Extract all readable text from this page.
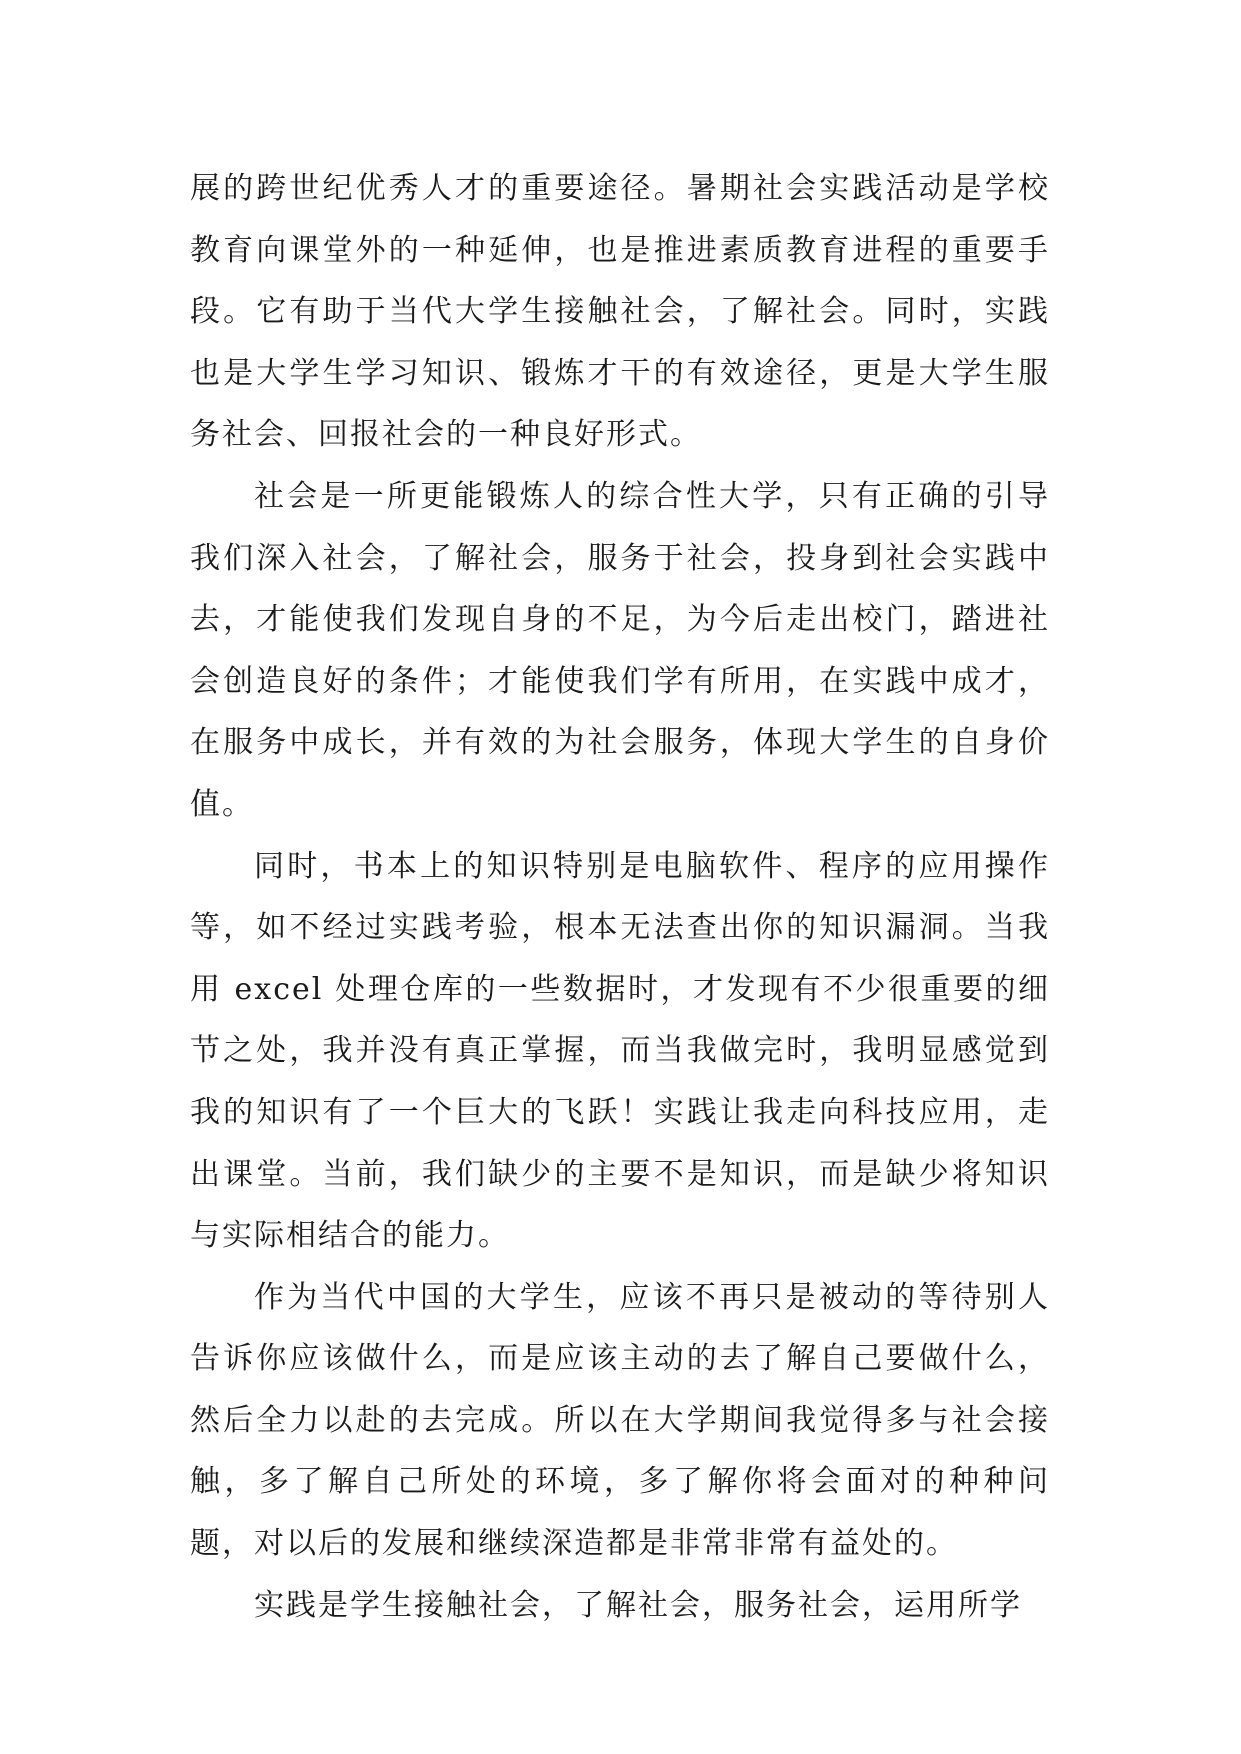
展的跨世纪优秀人才的重要途径。暑期社会实践活动是学校教育向课堂外的一种延伸，也是推进素质教育进程的重要手段。它有助于当代大学生接触社会，了解社会。同时，实践也是大学生学习知识、锻炼才干的有效途径，更是大学生服务社会、回报社会的一种良好形式。

社会是一所更能锻炼人的综合性大学，只有正确的引导我们深入社会，了解社会，服务于社会，投身到社会实践中去，才能使我们发现自身的不足，为今后走出校门，踏进社会创造良好的条件；才能使我们学有所用，在实践中成才，在服务中成长，并有效的为社会服务，体现大学生的自身价值。

同时，书本上的知识特别是电脑软件、程序的应用操作等，如不经过实践考验，根本无法查出你的知识漏洞。当我用 excel 处理仓库的一些数据时，才发现有不少很重要的细节之处，我并没有真正掌握，而当我做完时，我明显感觉到我的知识有了一个巨大的飞跃！实践让我走向科技应用，走出课堂。当前，我们缺少的主要不是知识，而是缺少将知识与实际相结合的能力。

作为当代中国的大学生，应该不再只是被动的等待别人告诉你应该做什么，而是应该主动的去了解自己要做什么，然后全力以赴的去完成。所以在大学期间我觉得多与社会接触，多了解自己所处的环境，多了解你将会面对的种种问题，对以后的发展和继续深造都是非常非常有益处的。

实践是学生接触社会，了解社会，服务社会，运用所学
